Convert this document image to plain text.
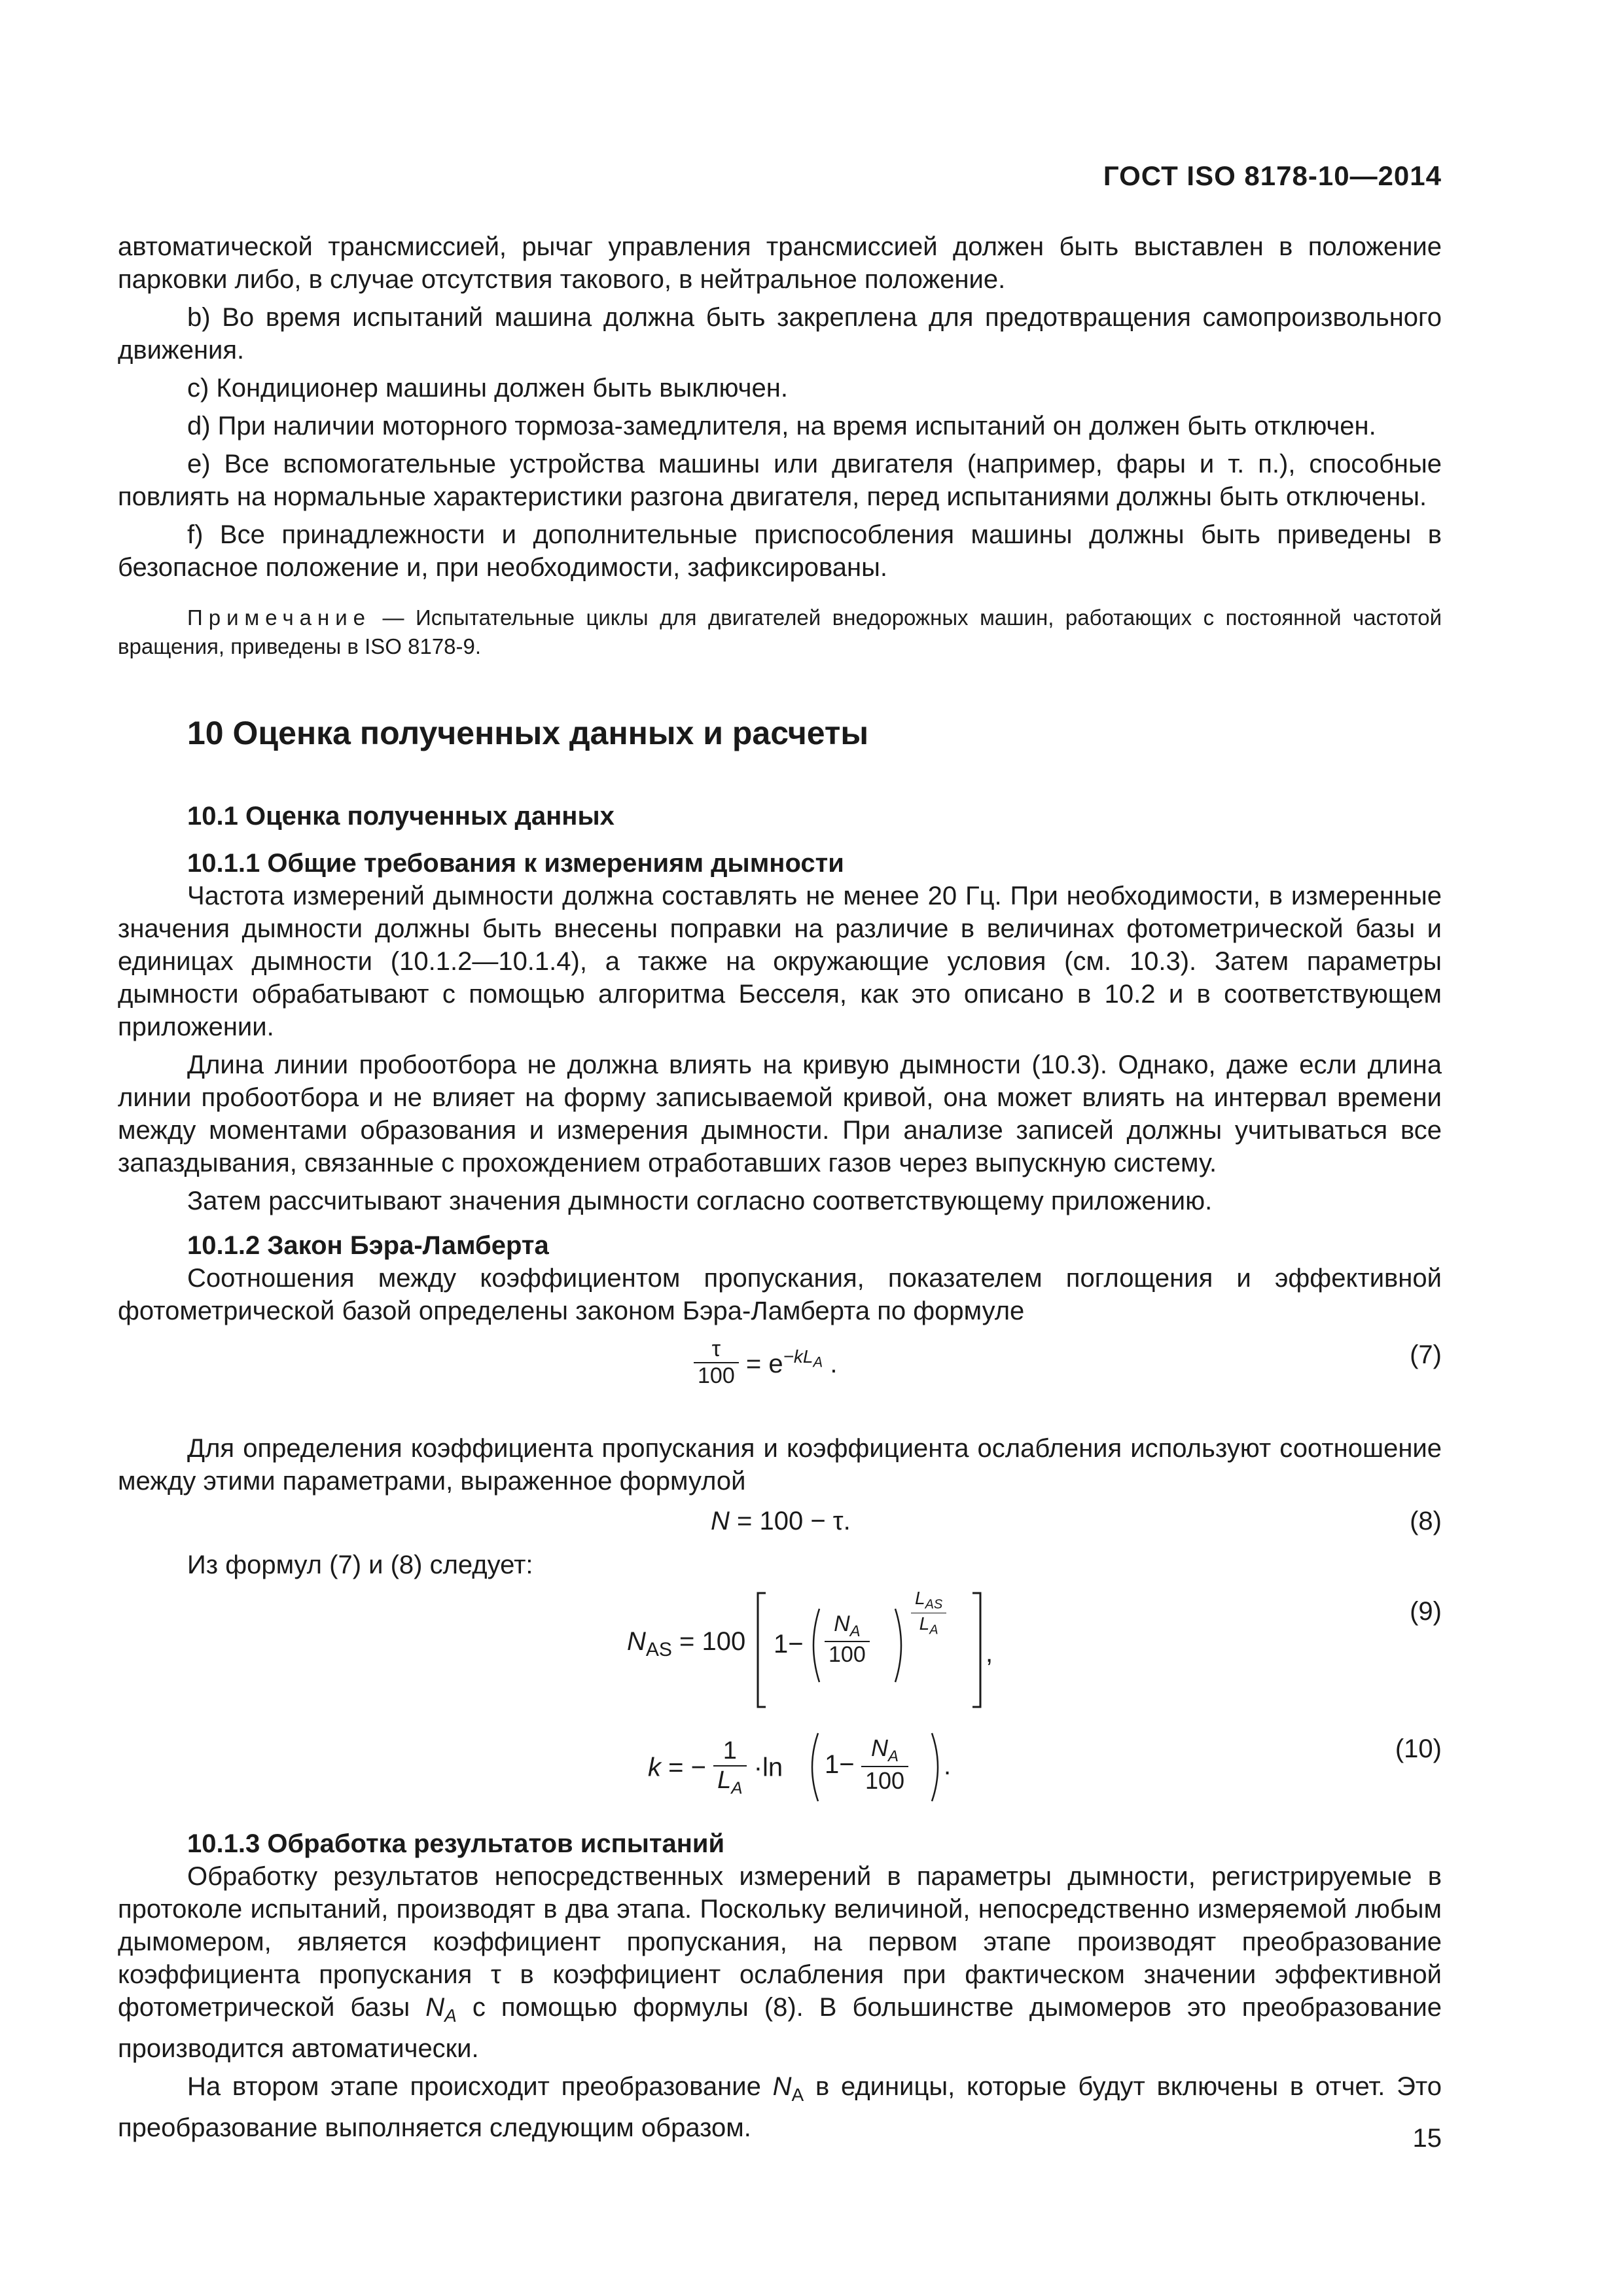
ГОСТ ISO 8178-10—2014

автоматической трансмиссией, рычаг управления трансмиссией должен быть выставлен в положение парковки либо, в случае отсутствия такового, в нейтральное положение.

b) Во время испытаний машина должна быть закреплена для предотвращения самопроизвольного движения.

c) Кондиционер машины должен быть выключен.

d) При наличии моторного тормоза-замедлителя, на время испытаний он должен быть отключен.

e) Все вспомогательные устройства машины или двигателя (например, фары и т. п.), способные повлиять на нормальные характеристики разгона двигателя, перед испытаниями должны быть отключены.

f) Все принадлежности и дополнительные приспособления машины должны быть приведены в безопасное положение и, при необходимости, зафиксированы.

Примечание — Испытательные циклы для двигателей внедорожных машин, работающих с постоянной частотой вращения, приведены в ISO 8178-9.

10 Оценка полученных данных и расчеты
10.1 Оценка полученных данных
10.1.1 Общие требования к измерениям дымности

Частота измерений дымности должна составлять не менее 20 Гц. При необходимости, в измеренные значения дымности должны быть внесены поправки на различие в величинах фотометрической базы и единицах дымности (10.1.2—10.1.4), а также на окружающие условия (см. 10.3). Затем параметры дымности обрабатывают с помощью алгоритма Бесселя, как это описано в 10.2 и в соответствующем приложении.

Длина линии пробоотбора не должна влиять на кривую дымности (10.3). Однако, даже если длина линии пробоотбора и не влияет на форму записываемой кривой, она может влиять на интервал времени между моментами образования и измерения дымности. При анализе записей должны учитываться все запаздывания, связанные с прохождением отработавших газов через выпускную систему.

Затем рассчитывают значения дымности согласно соответствующему приложению.

10.1.2 Закон Бэра-Ламберта

Соотношения между коэффициентом пропускания, показателем поглощения и эффективной фотометрической базой определены законом Бэра-Ламберта по формуле

$\frac{\tau}{100} = e^{-kL_A}$ .	(7)

Для определения коэффициента пропускания и коэффициента ослабления используют соотношение между этими параметрами, выраженное формулой

N = 100 − τ.	(8)

Из формул (7) и (8) следует:

$N_{AS} = 100$ $1- \frac{N_A}{100} \frac{L_{AS}}{L_A}$
,
(9)
k = − $\frac{1}{L_A} \cdot\ln$ $1- \frac{N_A}{100}$ .
(10)
10.1.3 Обработка результатов испытаний

Обработку результатов непосредственных измерений в параметры дымности, регистрируемые в протоколе испытаний, производят в два этапа. Поскольку величиной, непосредственно измеряемой любым дымомером, является коэффициент пропускания, на первом этапе производят преобразование коэффициента пропускания τ в коэффициент ослабления при фактическом значении эффективной фотометрической базы $N_A$ с помощью формулы (8). В большинстве дымомеров это преобразование производится автоматически.

На втором этапе происходит преобразование $N_A$ в единицы, которые будут включены в отчет. Это преобразование выполняется следующим образом.	15
